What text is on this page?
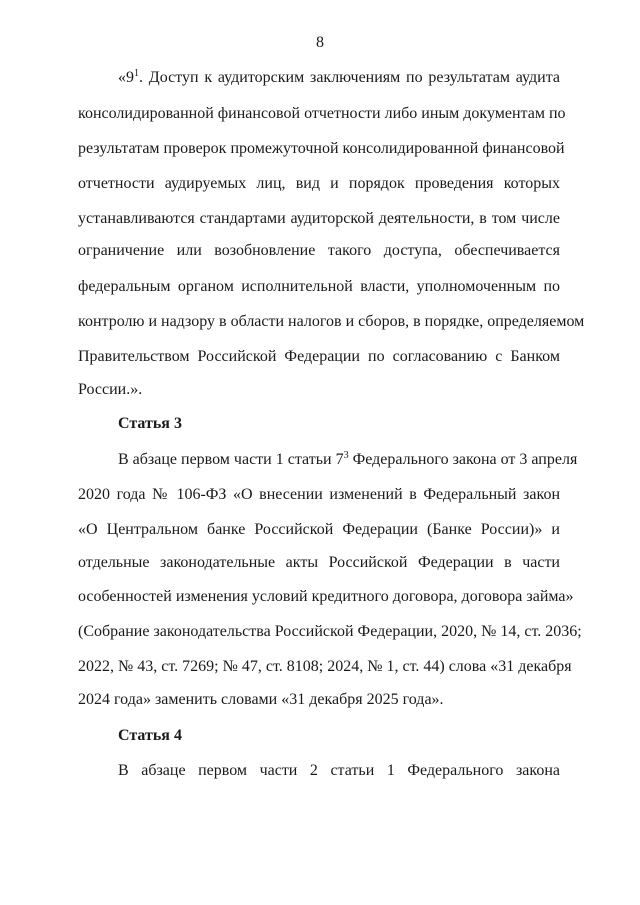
8
«$9^1$. Доступ к аудиторским заключениям по результатам аудита
консолидированной финансовой отчетности либо иным документам по
результатам проверок промежуточной консолидированной финансовой
отчетности аудируемых лиц, вид и порядок проведения которых
устанавливаются стандартами аудиторской деятельности, в том числе
ограничение или возобновление такого доступа, обеспечивается
федеральным органом исполнительной власти, уполномоченным по
контролю и надзору в области налогов и сборов, в порядке, определяемом
Правительством Российской Федерации по согласованию с Банком
России.».
Статья 3
В абзаце первом части 1 статьи $7^3$ Федерального закона от 3 апреля
2020 года № 106-ФЗ «О внесении изменений в Федеральный закон
«О Центральном банке Российской Федерации (Банке России)» и
отдельные законодательные акты Российской Федерации в части
особенностей изменения условий кредитного договора, договора займа»
(Собрание законодательства Российской Федерации, 2020, № 14, ст. 2036;
2022, № 43, ст. 7269; № 47, ст. 8108; 2024, № 1, ст. 44) слова «31 декабря
2024 года» заменить словами «31 декабря 2025 года».
Статья 4
В абзаце первом части 2 статьи 1 Федерального закона
